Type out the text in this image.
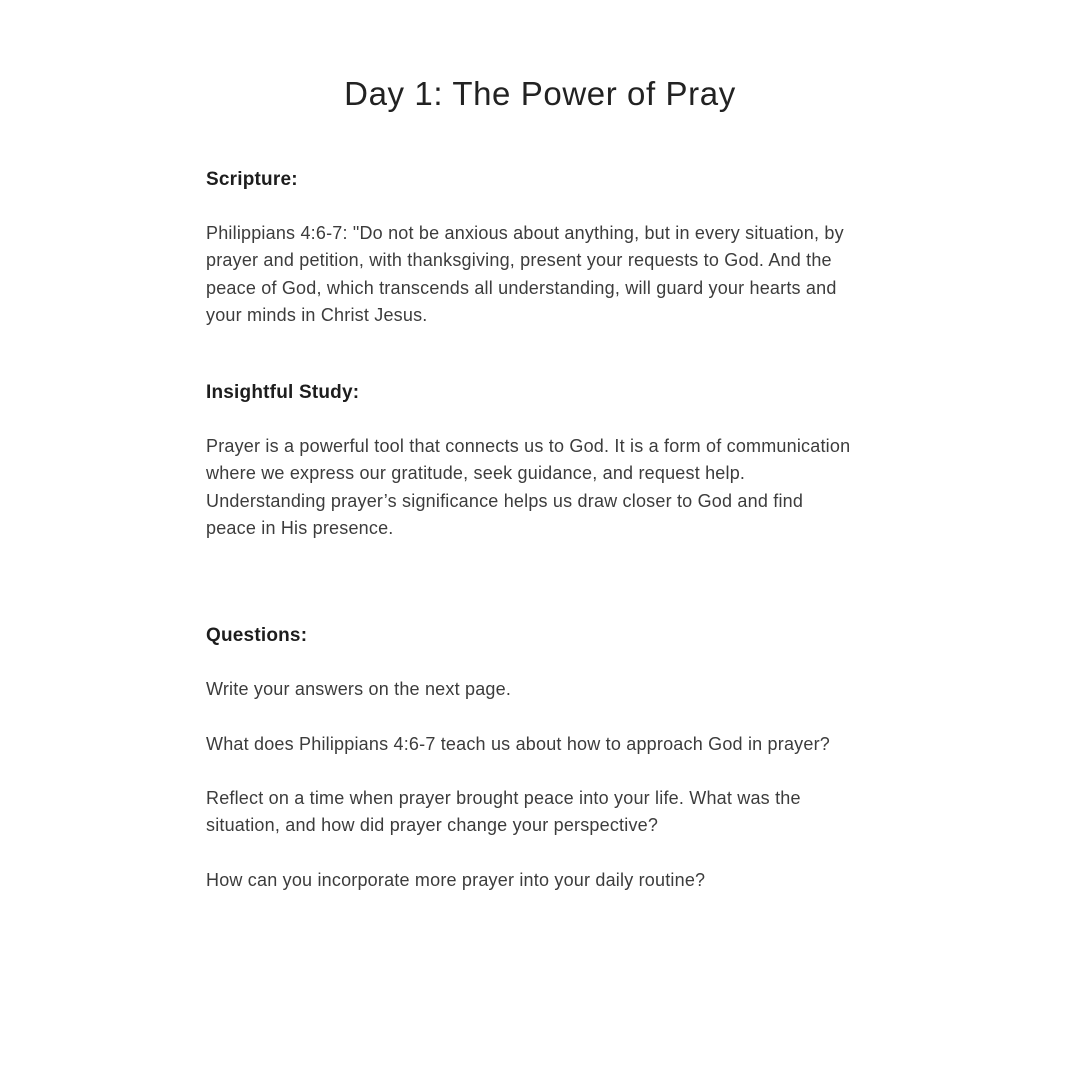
Day 1: The Power of Pray
Scripture:

Philippians 4:6-7: "Do not be anxious about anything, but in every situation, by prayer and petition, with thanksgiving, present your requests to God. And the peace of God, which transcends all understanding, will guard your hearts and your minds in Christ Jesus.

Insightful Study:

Prayer is a powerful tool that connects us to God. It is a form of communication where we express our gratitude, seek guidance, and request help. Understanding prayer’s significance helps us draw closer to God and find peace in His presence.

Questions:

Write your answers on the next page.

What does Philippians 4:6-7 teach us about how to approach God in prayer?

Reflect on a time when prayer brought peace into your life. What was the situation, and how did prayer change your perspective?

How can you incorporate more prayer into your daily routine?
